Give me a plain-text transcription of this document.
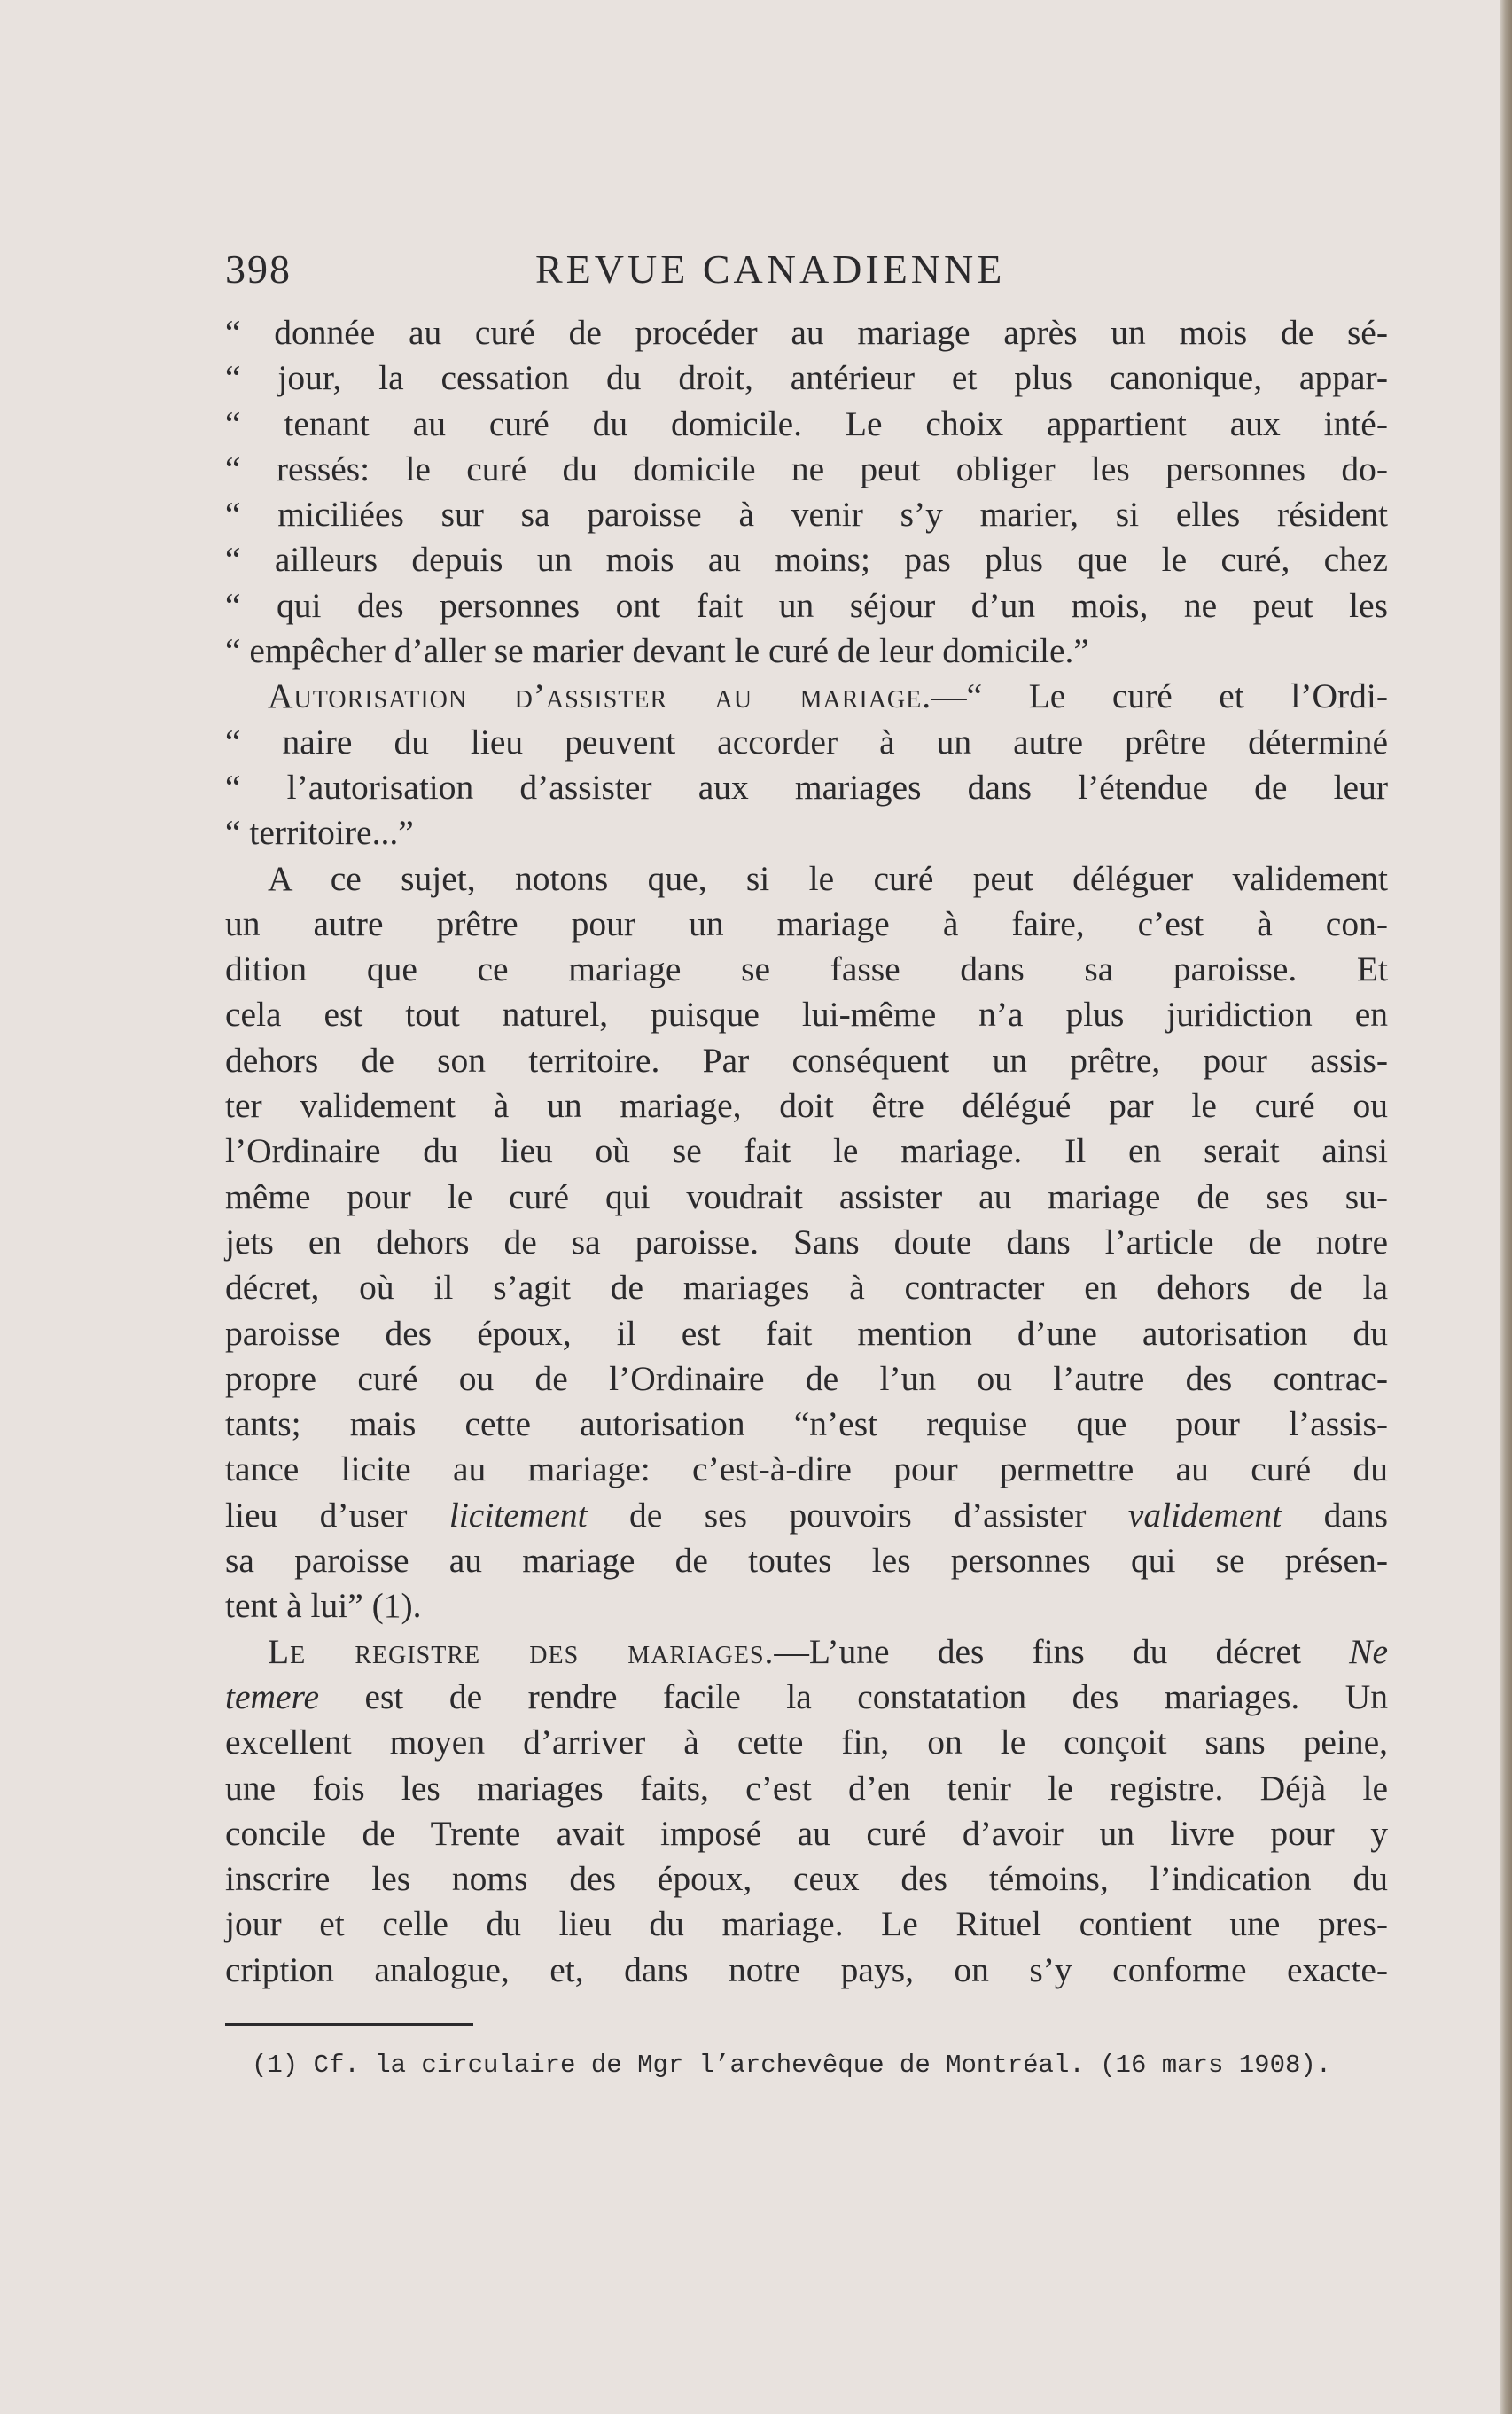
398	REVUE CANADIENNE
“ donnée au curé de procéder au mariage après un mois de sé-
“ jour, la cessation du droit, antérieur et plus canonique, appar-
“ tenant au curé du domicile. Le choix appartient aux inté-
“ ressés: le curé du domicile ne peut obliger les personnes do-
“ miciliées sur sa paroisse à venir s’y marier, si elles résident
“ ailleurs depuis un mois au moins; pas plus que le curé, chez
“ qui des personnes ont fait un séjour d’un mois, ne peut les
“ empêcher d’aller se marier devant le curé de leur domicile.”
Autorisation d’assister au mariage.—“ Le curé et l’Ordi-
“ naire du lieu peuvent accorder à un autre prêtre déterminé
“ l’autorisation d’assister aux mariages dans l’étendue de leur
“ territoire...”
A ce sujet, notons que, si le curé peut déléguer validement
un autre prêtre pour un mariage à faire, c’est à con-
dition que ce mariage se fasse dans sa paroisse. Et
cela est tout naturel, puisque lui-même n’a plus juridiction en
dehors de son territoire. Par conséquent un prêtre, pour assis-
ter validement à un mariage, doit être délégué par le curé ou
l’Ordinaire du lieu où se fait le mariage. Il en serait ainsi
même pour le curé qui voudrait assister au mariage de ses su-
jets en dehors de sa paroisse. Sans doute dans l’article de notre
décret, où il s’agit de mariages à contracter en dehors de la
paroisse des époux, il est fait mention d’une autorisation du
propre curé ou de l’Ordinaire de l’un ou l’autre des contrac-
tants; mais cette autorisation “n’est requise que pour l’assis-
tance licite au mariage: c’est-à-dire pour permettre au curé du
lieu d’user licitement de ses pouvoirs d’assister validement dans
sa paroisse au mariage de toutes les personnes qui se présen-
tent à lui” (1).
Le registre des mariages.—L’une des fins du décret Ne
temere est de rendre facile la constatation des mariages. Un
excellent moyen d’arriver à cette fin, on le conçoit sans peine,
une fois les mariages faits, c’est d’en tenir le registre. Déjà le
concile de Trente avait imposé au curé d’avoir un livre pour y
inscrire les noms des époux, ceux des témoins, l’indication du
jour et celle du lieu du mariage. Le Rituel contient une pres-
cription analogue, et, dans notre pays, on s’y conforme exacte-
(1) Cf. la circulaire de Mgr l’archevêque de Montréal. (16 mars 1908).
